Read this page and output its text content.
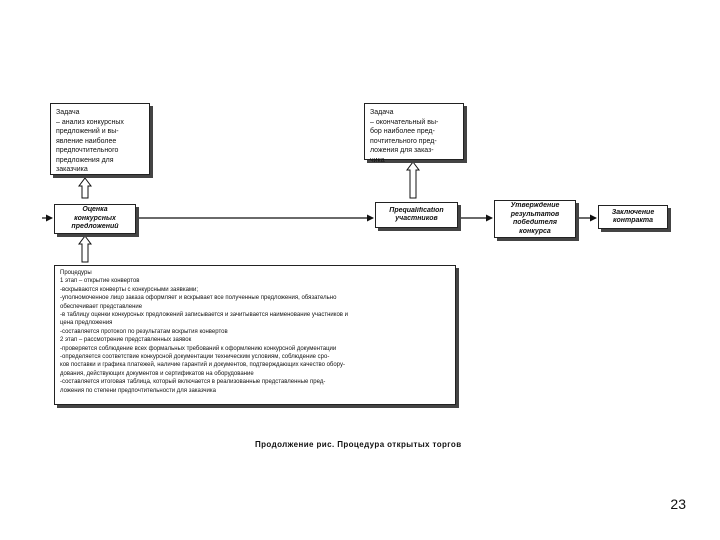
Задача
– анализ конкурсных
предложений и вы-
явление наиболее
предпочтительного
предложения для
заказчика
Задача
– окончательный вы-
бор наиболее пред-
почтительного пред-
ложения для заказ-
чика
Оценка
конкурсных
предложений
Прequalification
участников
Утверждение
результатов
победителя
конкурса
Заключение
контракта
Процедуры
1 этап – открытие конвертов
-вскрываются конверты с конкурсными заявками;
-уполномоченное лицо заказа оформляет и вскрывает все полученные предложения, обязательно
обеспечивает представление
-в таблицу оценки конкурсных предложений записывается и зачитывается наименование участников и
цена предложения
-составляется протокол по результатам вскрытия конвертов
2 этап – рассмотрение представленных заявок
-проверяется соблюдение всех формальных требований к оформлению конкурсной документации
-определяется соответствие конкурсной документации техническим условиям, соблюдение сро-
ков поставки и графика платежей, наличие гарантий и документов, подтверждающих качество обору-
дования, действующих документов и сертификатов на оборудование
-составляется итоговая таблица, который включается в реализованные представленные пред-
ложения по степени предпочтительности для заказчика
Продолжение рис. Процедура открытых торгов
23
